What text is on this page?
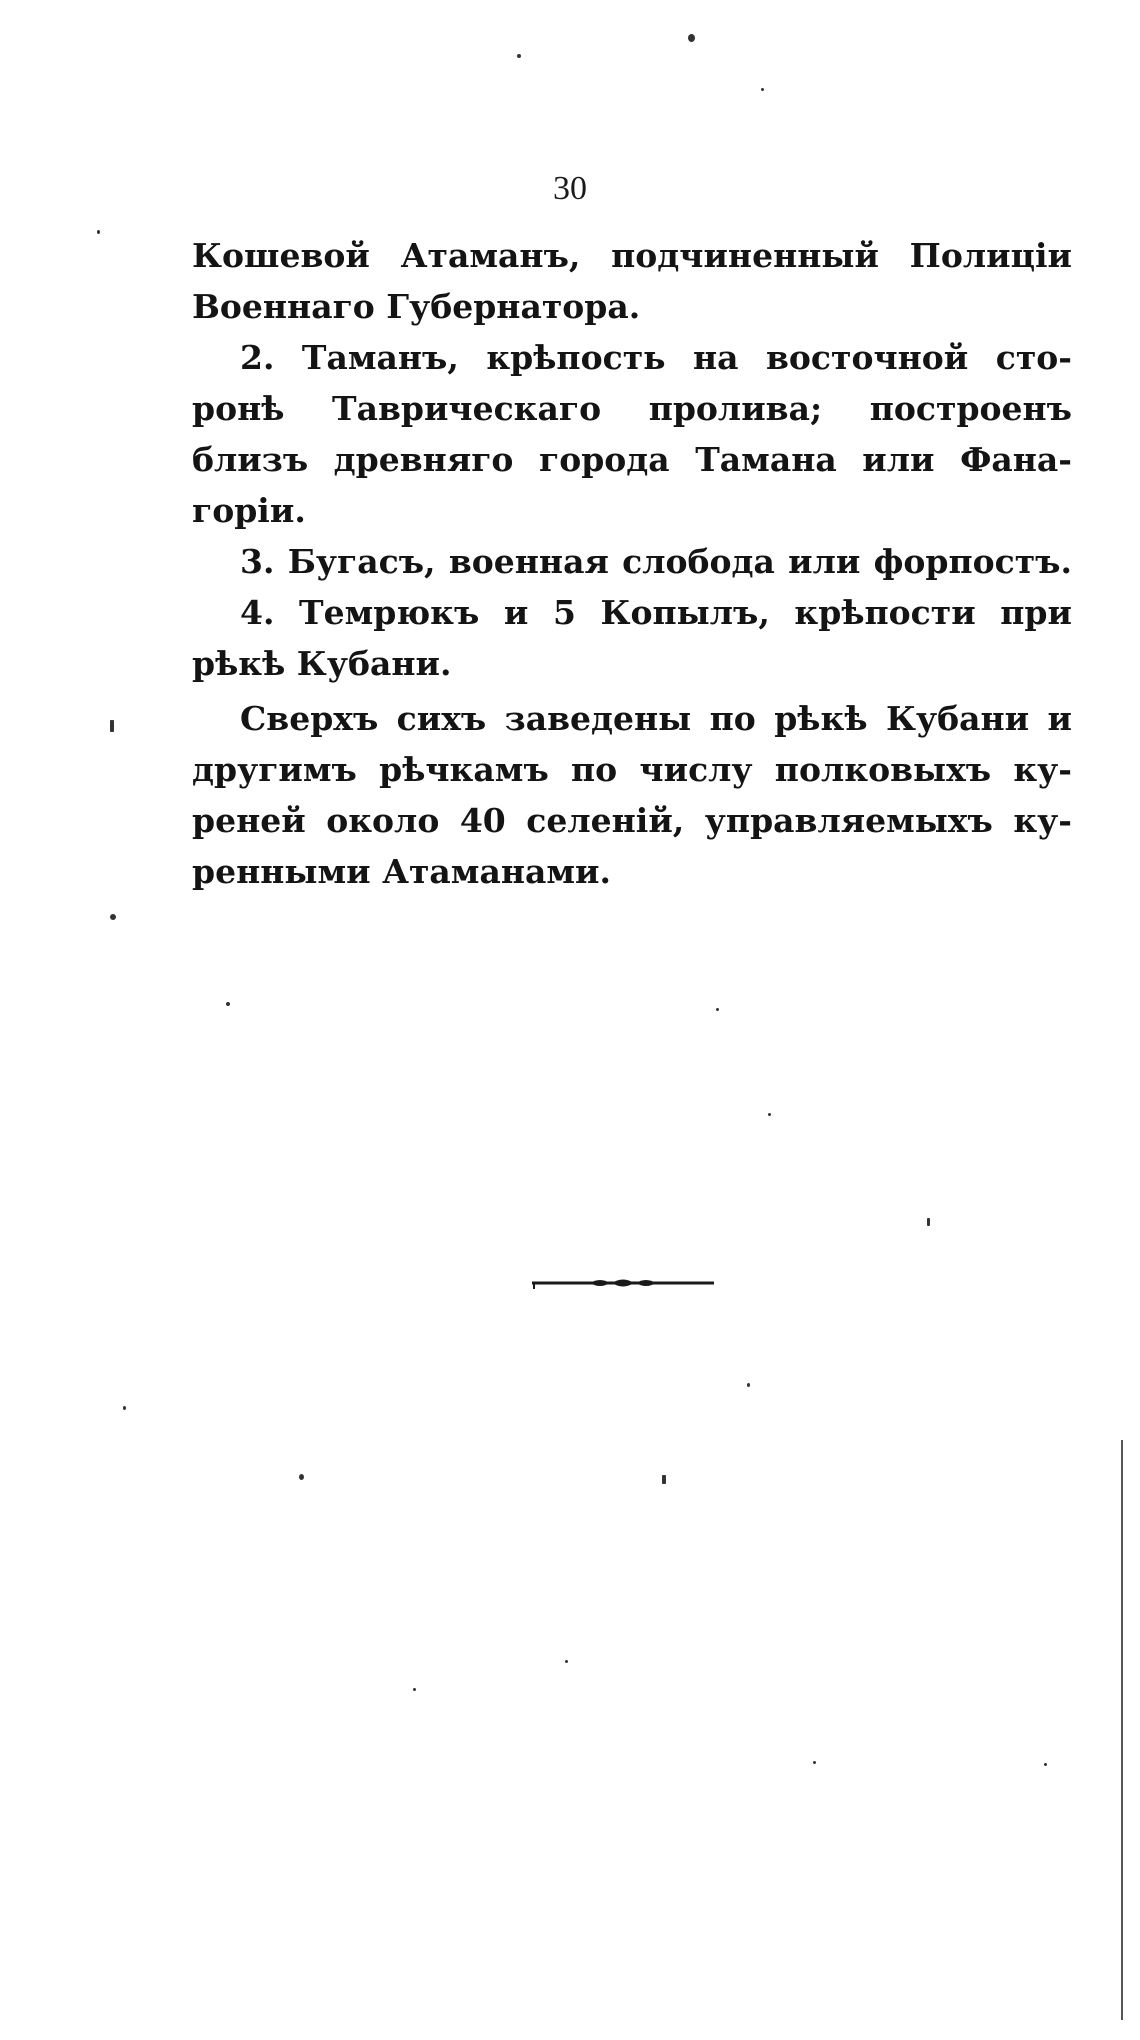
30
Кошевой Атаманъ, подчиненный Полиціи
Военнаго Губернатора.
2. Таманъ, крѣпость на восточной сто-
ронѣ Таврическаго пролива; построенъ
близъ древняго города Тамана или Фана-
горіи.
3. Бугасъ, военная слобода или форпостъ.
4. Темрюкъ и 5 Копылъ, крѣпости при
рѣкѣ Кубани.
Сверхъ сихъ заведены по рѣкѣ Кубани и
другимъ рѣчкамъ по числу полковыхъ ку-
реней около 40 селеній, управляемыхъ ку-
ренными Атаманами.
